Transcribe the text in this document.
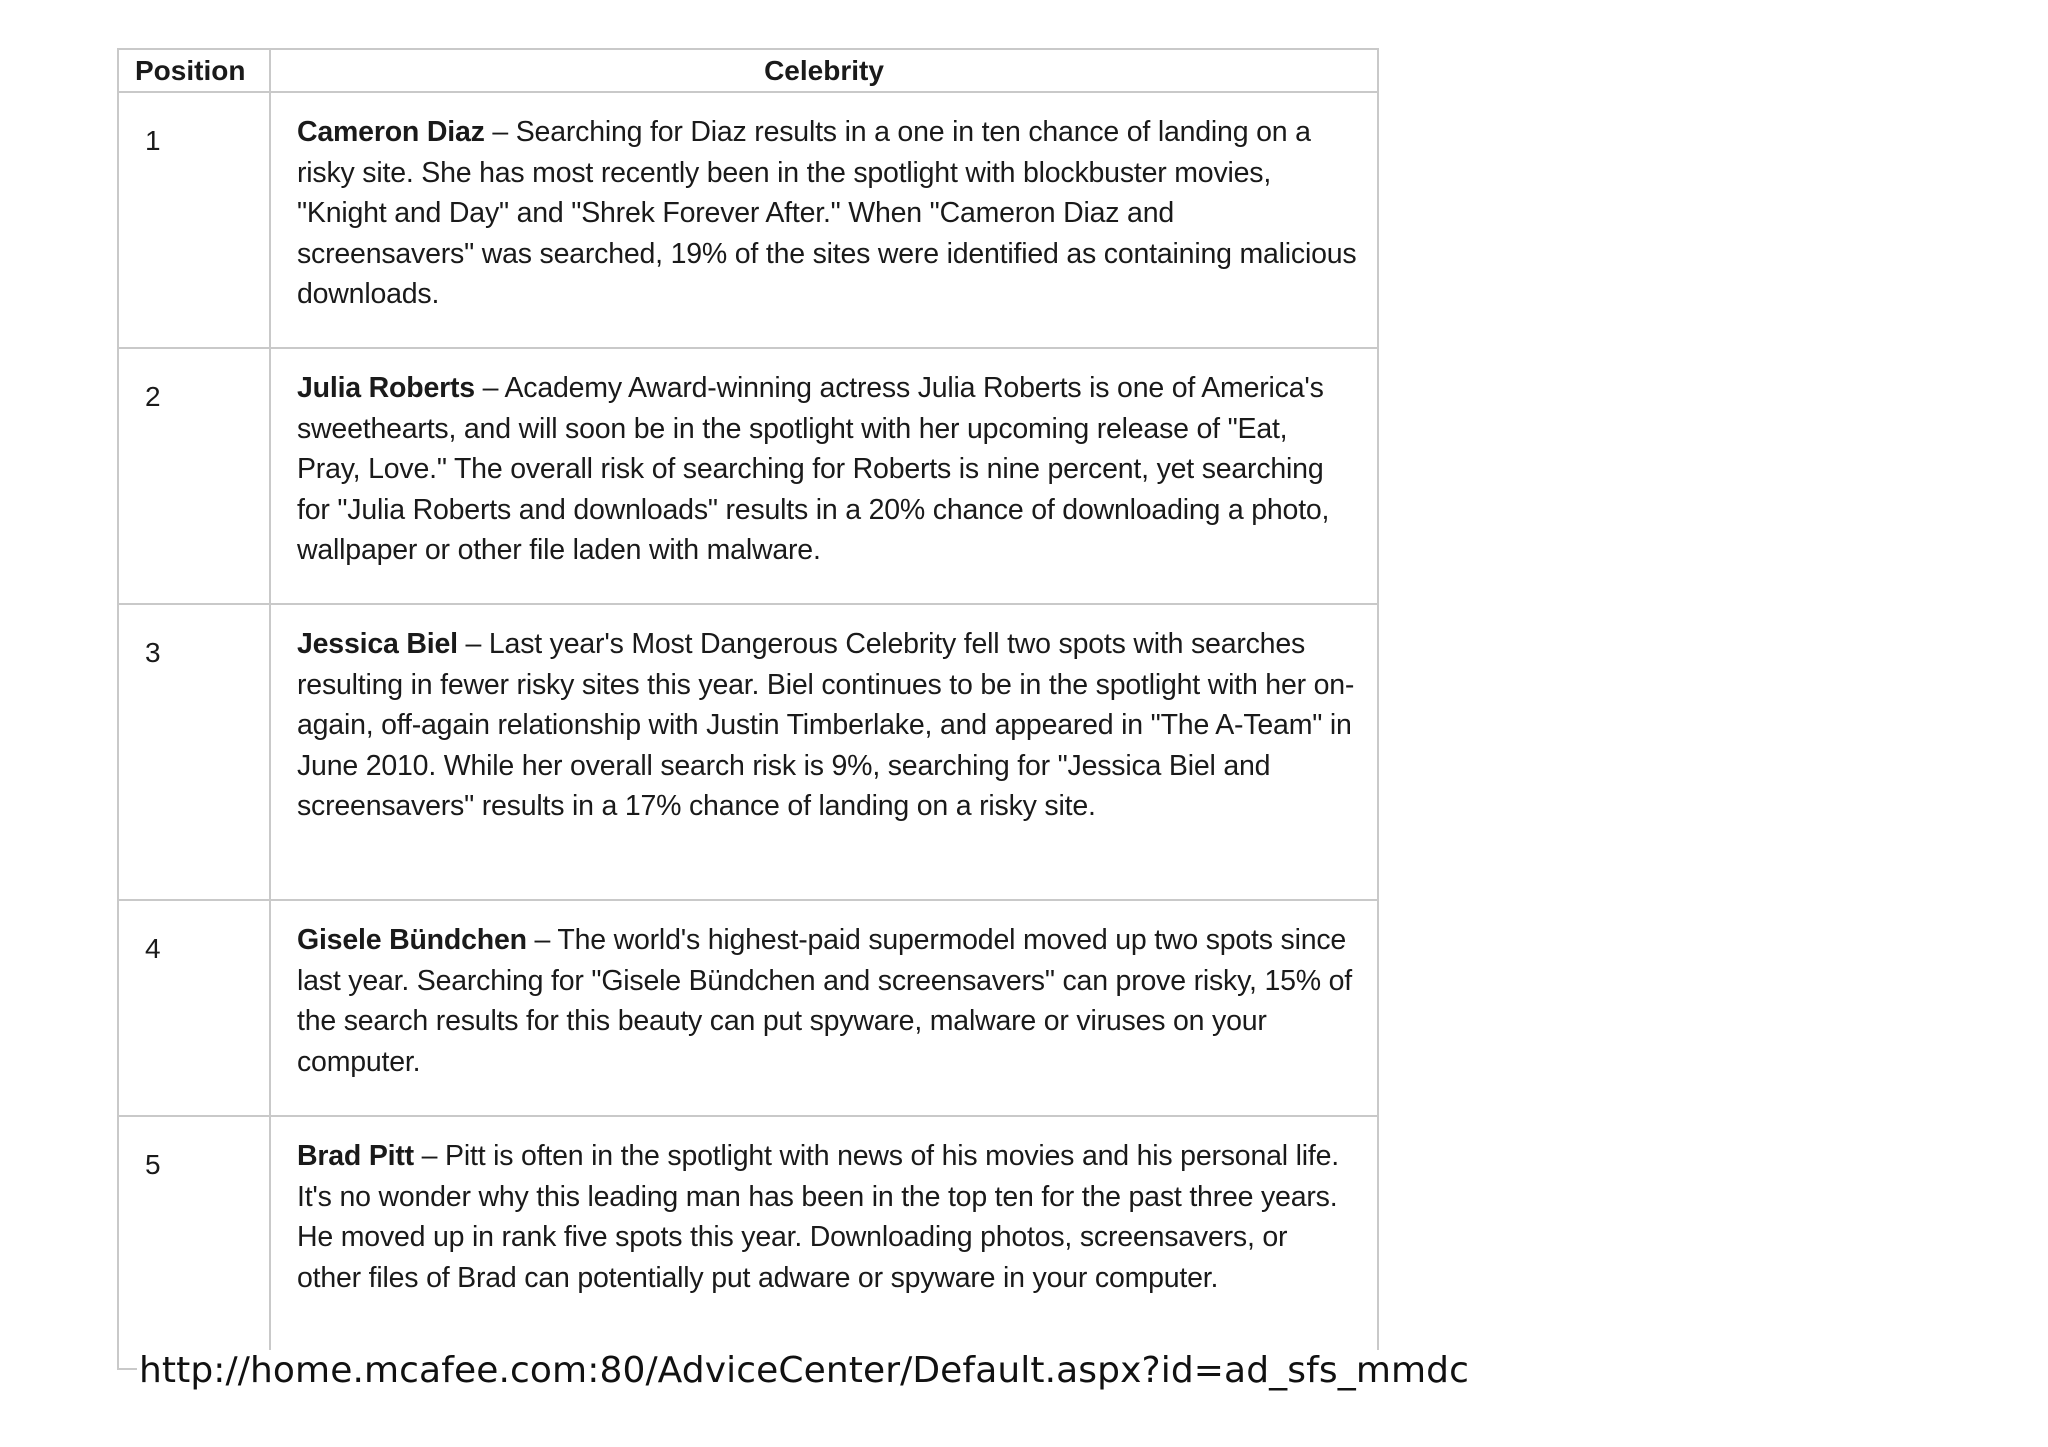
Position	Celebrity
1	Cameron Diaz – Searching for Diaz results in a one in ten chance of landing on a risky site. She has most recently been in the spotlight with blockbuster movies, "Knight and Day" and "Shrek Forever After." When "Cameron Diaz and screensavers" was searched, 19% of the sites were identified as containing malicious downloads.
2	Julia Roberts – Academy Award-winning actress Julia Roberts is one of America's sweethearts, and will soon be in the spotlight with her upcoming release of "Eat, Pray, Love." The overall risk of searching for Roberts is nine percent, yet searching for "Julia Roberts and downloads" results in a 20% chance of downloading a photo, wallpaper or other file laden with malware.
3	Jessica Biel – Last year's Most Dangerous Celebrity fell two spots with searches resulting in fewer risky sites this year. Biel continues to be in the spotlight with her on-again, off-again relationship with Justin Timberlake, and appeared in "The A-Team" in June 2010. While her overall search risk is 9%, searching for "Jessica Biel and screensavers" results in a 17% chance of landing on a risky site.
4	Gisele Bündchen – The world's highest-paid supermodel moved up two spots since last year. Searching for "Gisele Bündchen and screensavers" can prove risky, 15% of the search results for this beauty can put spyware, malware or viruses on your computer.
5	Brad Pitt – Pitt is often in the spotlight with news of his movies and his personal life. It's no wonder why this leading man has been in the top ten for the past three years. He moved up in rank five spots this year. Downloading photos, screensavers, or other files of Brad can potentially put adware or spyware in your computer.
http://home.mcafee.com:80/AdviceCenter/Default.aspx?id=ad_sfs_mmdc
